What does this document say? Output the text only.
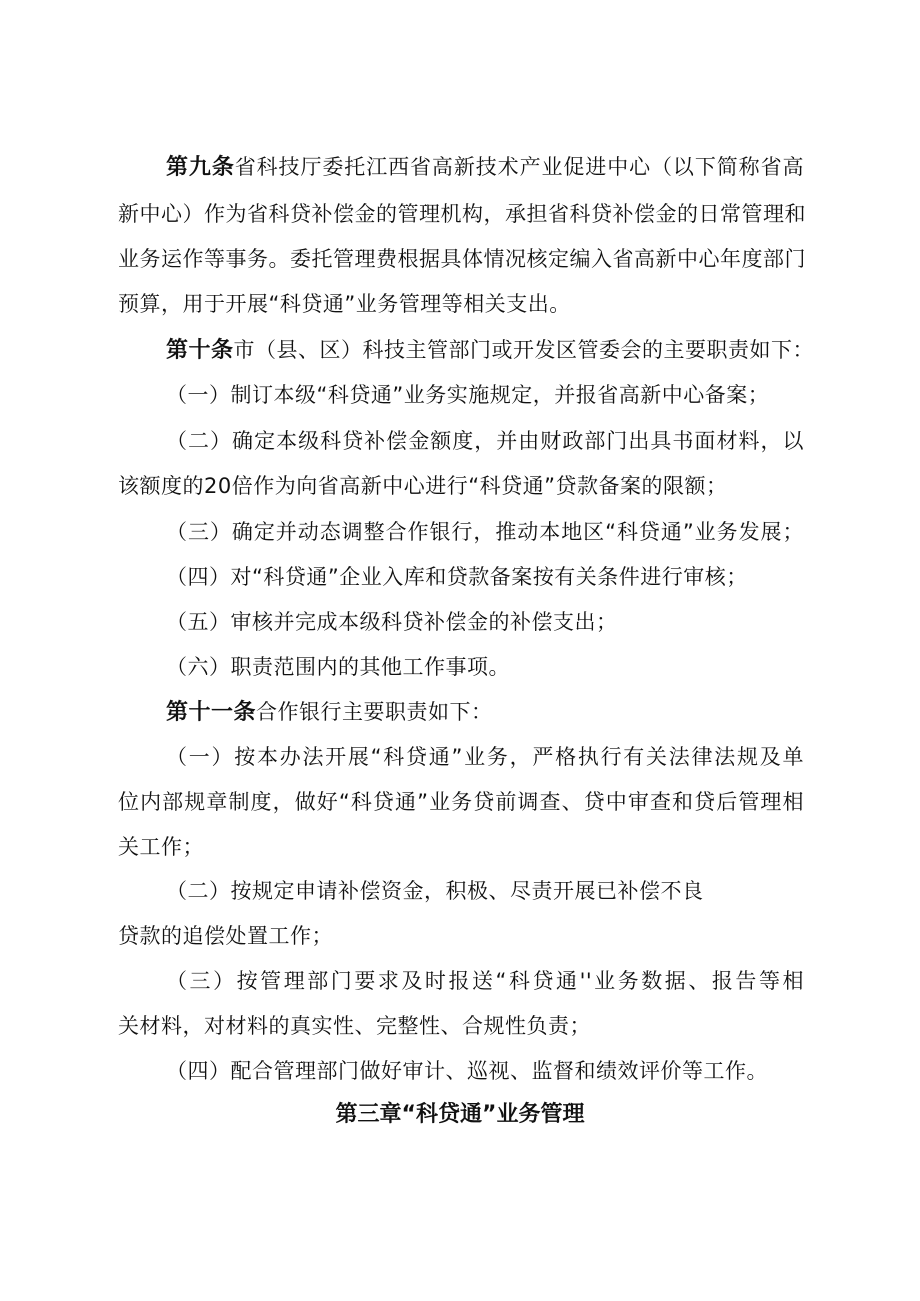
第九条省科技厅委托江西省高新技术产业促进中心（以下简称省高
新中心）作为省科贷补偿金的管理机构，承担省科贷补偿金的日常管理和
业务运作等事务。委托管理费根据具体情况核定编入省高新中心年度部门
预算，用于开展“科贷通”业务管理等相关支出。
第十条市（县、区）科技主管部门或开发区管委会的主要职责如下：
（一）制订本级“科贷通”业务实施规定，并报省高新中心备案；
（二）确定本级科贷补偿金额度，并由财政部门出具书面材料，以
该额度的20倍作为向省高新中心进行“科贷通”贷款备案的限额；
（三）确定并动态调整合作银行，推动本地区“科贷通”业务发展；
（四）对“科贷通”企业入库和贷款备案按有关条件进行审核；
（五）审核并完成本级科贷补偿金的补偿支出；
（六）职责范围内的其他工作事项。
第十一条合作银行主要职责如下：
（一）按本办法开展“科贷通”业务，严格执行有关法律法规及单
位内部规章制度，做好“科贷通”业务贷前调查、贷中审查和贷后管理相
关工作；
（二）按规定申请补偿资金，积极、尽责开展已补偿不良
贷款的追偿处置工作；
（三）按管理部门要求及时报送“科贷通''业务数据、报告等相
关材料，对材料的真实性、完整性、合规性负责；
（四）配合管理部门做好审计、巡视、监督和绩效评价等工作。
第三章“科贷通”业务管理
